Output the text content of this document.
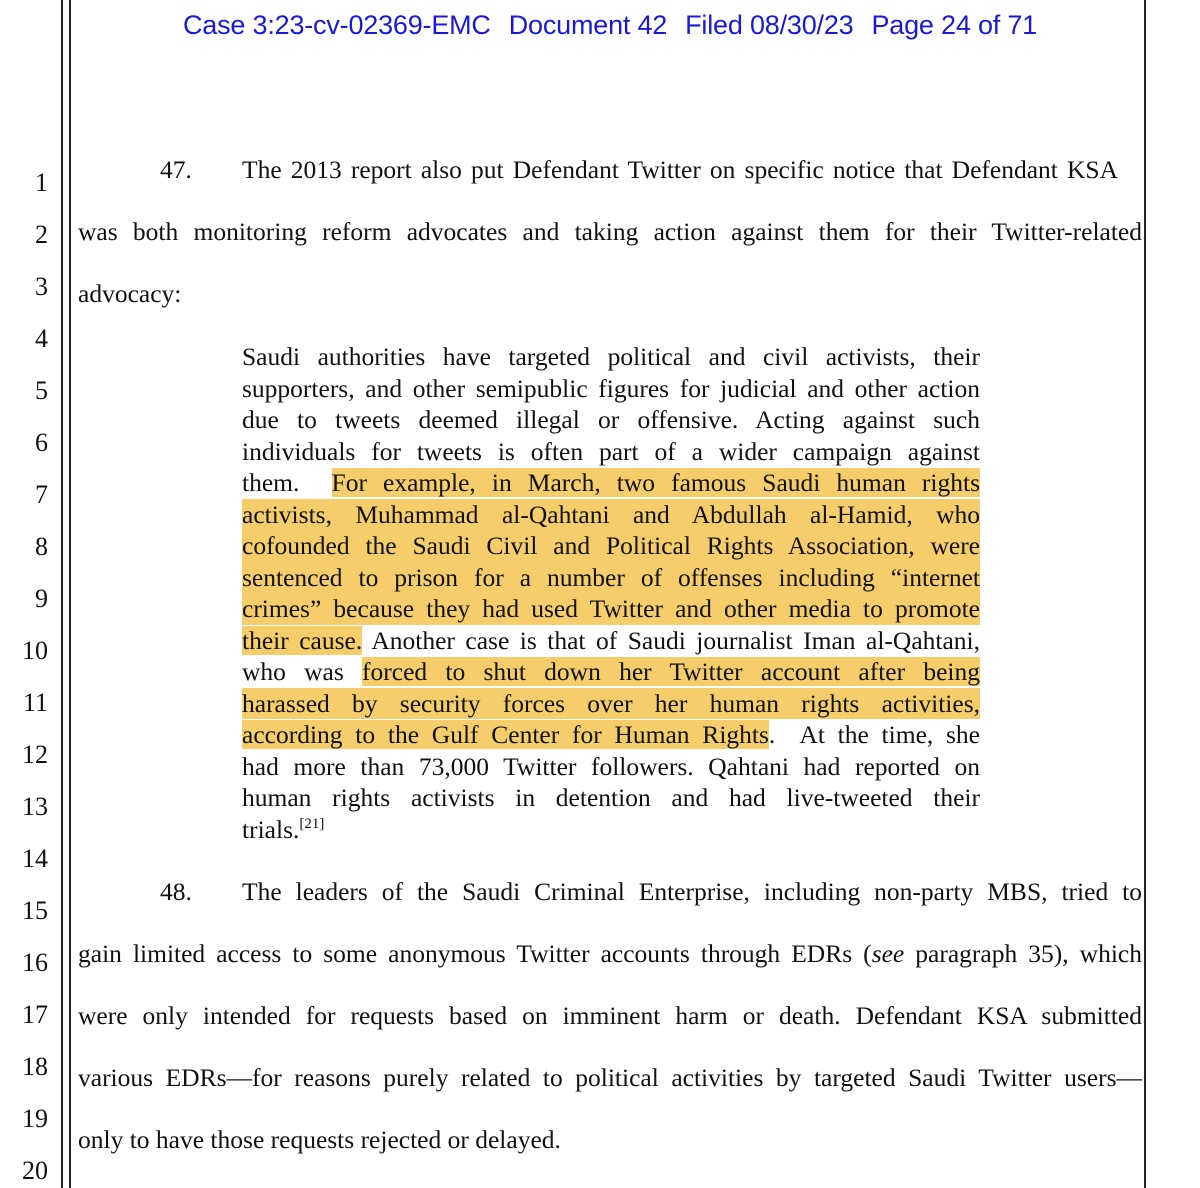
Case 3:23-cv-02369-EMC Document 42 Filed 08/30/23 Page 24 of 71
1
2
3
4
5
6
7
8
9
10
11
12
13
14
15
16
17
18
19
20
47. The 2013 report also put Defendant Twitter on specific notice that Defendant KSA
was both monitoring reform advocates and taking action against them for their Twitter-related
advocacy:
Saudi authorities have targeted political and civil activists, their
supporters, and other semipublic figures for judicial and other action
due to tweets deemed illegal or offensive. Acting against such
individuals for tweets is often part of a wider campaign against
them.  For example, in March, two famous Saudi human rights
activists, Muhammad al-Qahtani and Abdullah al-Hamid, who
cofounded the Saudi Civil and Political Rights Association, were
sentenced to prison for a number of offenses including “internet
crimes” because they had used Twitter and other media to promote
their cause. Another case is that of Saudi journalist Iman al-Qahtani,
who was forced to shut down her Twitter account after being
harassed by security forces over her human rights activities,
according to the Gulf Center for Human Rights.  At the time, she
had more than 73,000 Twitter followers. Qahtani had reported on
human rights activists in detention and had live-tweeted their
trials.[21]
48. The leaders of the Saudi Criminal Enterprise, including non-party MBS, tried to
gain limited access to some anonymous Twitter accounts through EDRs (see paragraph 35), which
were only intended for requests based on imminent harm or death. Defendant KSA submitted
various EDRs—for reasons purely related to political activities by targeted Saudi Twitter users—
only to have those requests rejected or delayed.
